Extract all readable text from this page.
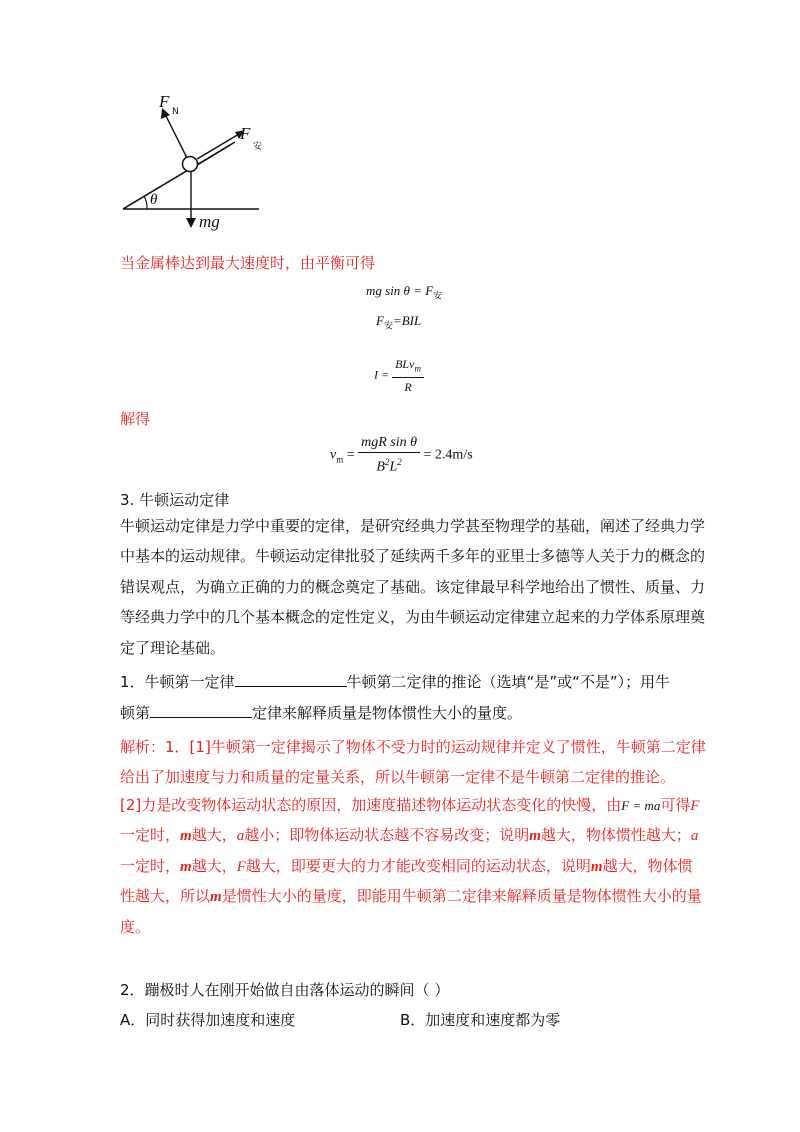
F
N
F
安
θ
mg
当金属棒达到最大速度时，由平衡可得
mg $\sin \theta = F_安$
$F_安=BIL$
$I = \frac{BLv_m}{R}$
解得
$v_m = \frac{\text{mgR sin θ}}{B^2L^2} = 2.4m/s$
3. 牛顿运动定律
牛顿运动定律是力学中重要的定律，是研究经典力学甚至物理学的基础，阐述了经典力学
中基本的运动规律。牛顿运动定律批驳了延续两千多年的亚里士多德等人关于力的概念的
错误观点，为确立正确的力的概念奠定了基础。该定律最早科学地给出了惯性、质量、力
等经典力学中的几个基本概念的定性定义，为由牛顿运动定律建立起来的力学体系原理奠
定了理论基础。
1．牛顿第一定律	牛顿第二定律的推论（选填“是”或“不是”）；用牛
顿第	定律来解释质量是物体惯性大小的量度。
解析：1．[1]牛顿第一定律揭示了物体不受力时的运动规律并定义了惯性，牛顿第二定律
给出了加速度与力和质量的定量关系，所以牛顿第一定律不是牛顿第二定律的推论。
[2]力是改变物体运动状态的原因，加速度描述物体运动状态变化的快慢，由F = ma可得F
一定时，m越大，a越小；即物体运动状态越不容易改变；说明m越大，物体惯性越大；a
一定时，m越大，F越大，即要更大的力才能改变相同的运动状态，说明m越大，物体惯
性越大，所以m是惯性大小的量度，即能用牛顿第二定律来解释质量是物体惯性大小的量
度。
2．蹦极时人在刚开始做自由落体运动的瞬间（ ）
A．同时获得加速度和速度	B．加速度和速度都为零
